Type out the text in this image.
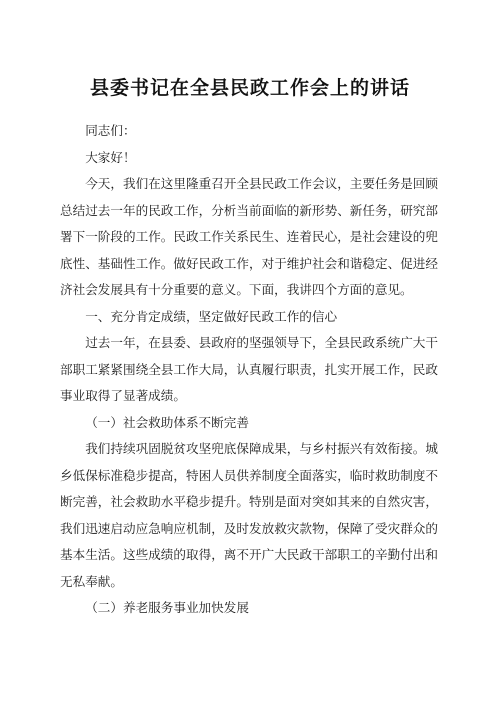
县委书记在全县民政工作会上的讲话

同志们：

大家好！

今天，我们在这里隆重召开全县民政工作会议，主要任务是回顾总结过去一年的民政工作，分析当前面临的新形势、新任务，研究部署下一阶段的工作。民政工作关系民生、连着民心，是社会建设的兜底性、基础性工作。做好民政工作，对于维护社会和谐稳定、促进经济社会发展具有十分重要的意义。下面，我讲四个方面的意见。

一、充分肯定成绩，坚定做好民政工作的信心

过去一年，在县委、县政府的坚强领导下，全县民政系统广大干部职工紧紧围绕全县工作大局，认真履行职责，扎实开展工作，民政事业取得了显著成绩。

（一）社会救助体系不断完善

我们持续巩固脱贫攻坚兜底保障成果，与乡村振兴有效衔接。城乡低保标准稳步提高，特困人员供养制度全面落实，临时救助制度不断完善，社会救助水平稳步提升。特别是面对突如其来的自然灾害，我们迅速启动应急响应机制，及时发放救灾款物，保障了受灾群众的基本生活。这些成绩的取得，离不开广大民政干部职工的辛勤付出和无私奉献。

（二）养老服务事业加快发展
